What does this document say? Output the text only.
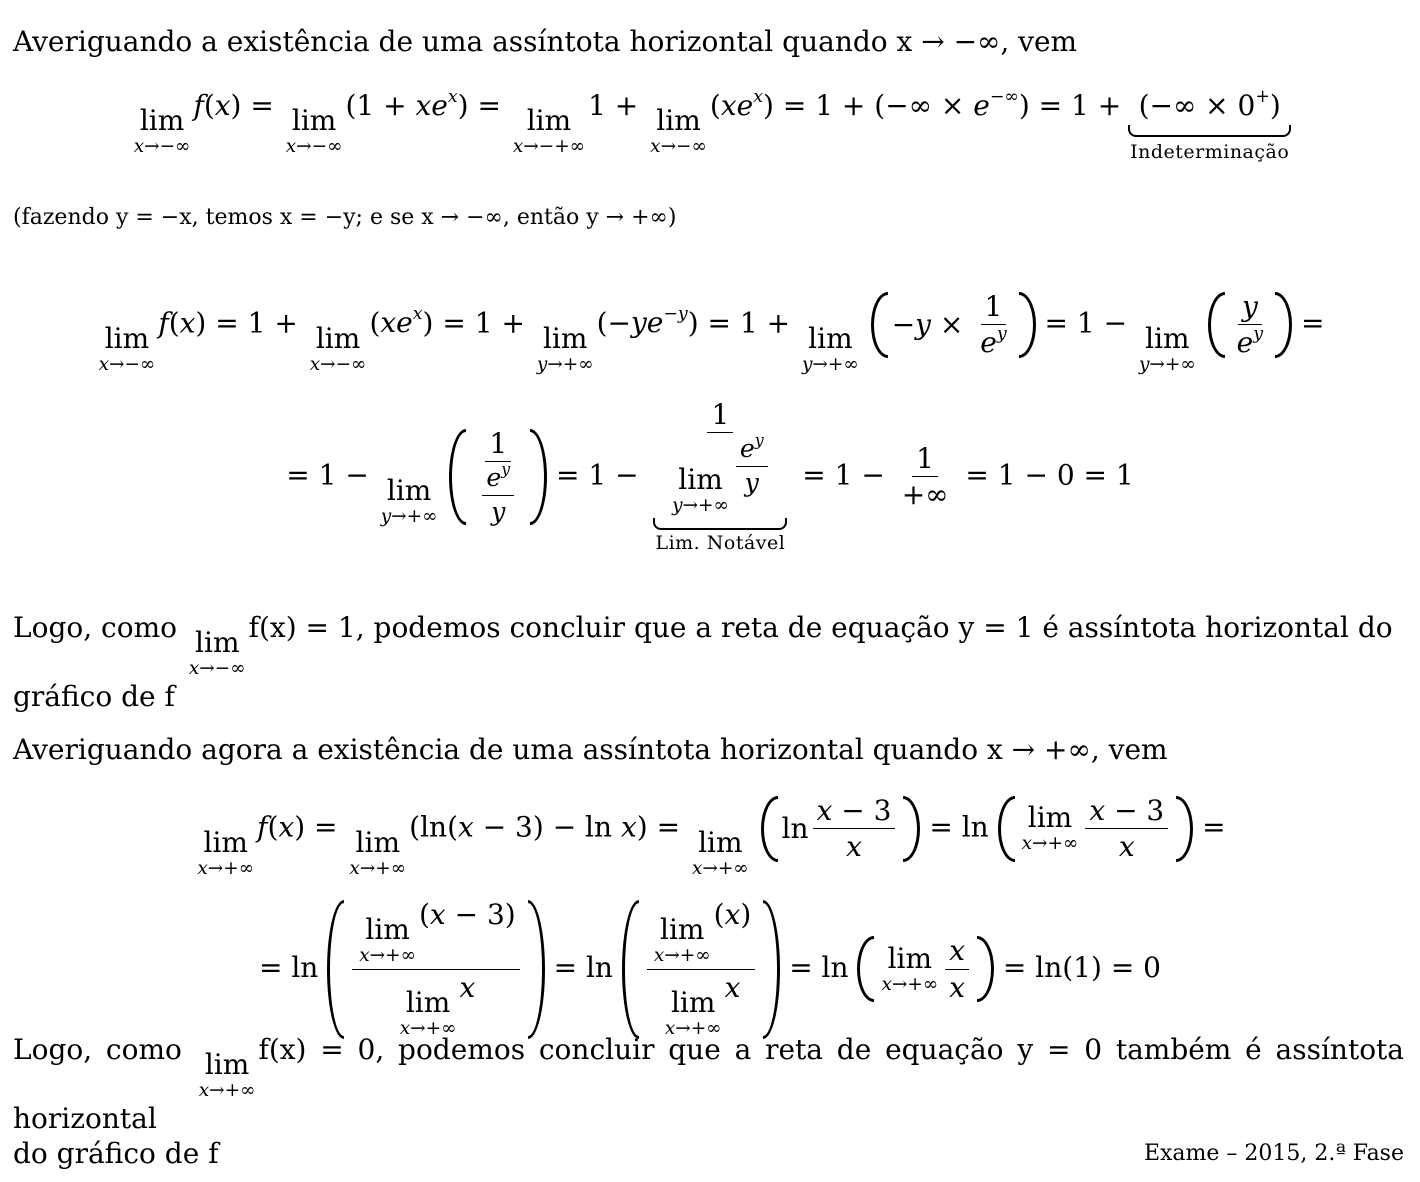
Averiguando a existência de uma assíntota horizontal quando x → −∞, vem
lim
x→−∞
f(x) = lim
x→−∞
$(1 + xe^x) = \lim$
x→−+∞
1 + lim
x→−∞
$(xe^x) = 1$ + (−∞ × e−∞) = 1 + (−∞ × 0+)
Indeterminação
(fazendo y = −x, temos x = −y; e se x → −∞, então y → +∞)
lim
x→−∞
f(x) = 1 + lim
x→−∞
$(xe^x) = 1 + \lim$
y→+∞
$(-ye^{-y}) = 1 + \lim$
y→+∞

− $y \times \frac{1}{e^y} = 1 - \lim$
y→+∞

$\frac{y}{e^y}$ =
= 1 − lim
y→+∞
$\frac{1}{\frac{e^y}{y}} = 1 - 1$
lim
y→+∞
$\frac{e^y}{y}$
Lim. Notável = $1 - \frac{1}{+\infty} = 1 - 0 = 1$
Logo, como lim
x→−∞
f(x) = 1, podemos concluir que a reta de equação y = 1 é assíntota horizontal do
gráfico de f
Averiguando agora a existência de uma assíntota horizontal quando x → +∞, vem
lim
x→+∞
f(x) = lim
x→+∞
(ln(x − 3) − ln x) = lim
x→+∞

$\ln \frac{x - 3}{x} = \ln \lim$
$x\to+\infty \frac{x - 3}{x}$ =
= ln lim
x→+∞
(x − 3)
lim
x→+∞
x = ln lim
x→+∞
(x)
lim
x→+∞
x = ln lim
$x\to+\infty \frac{x}{x} = \ln(1) = 0$
Logo, como lim
x→+∞
f(x) = 0, podemos concluir que a reta de equação y = 0 também é assíntota horizontal
do gráfico de f	Exame – 2015, 2.ª Fase
